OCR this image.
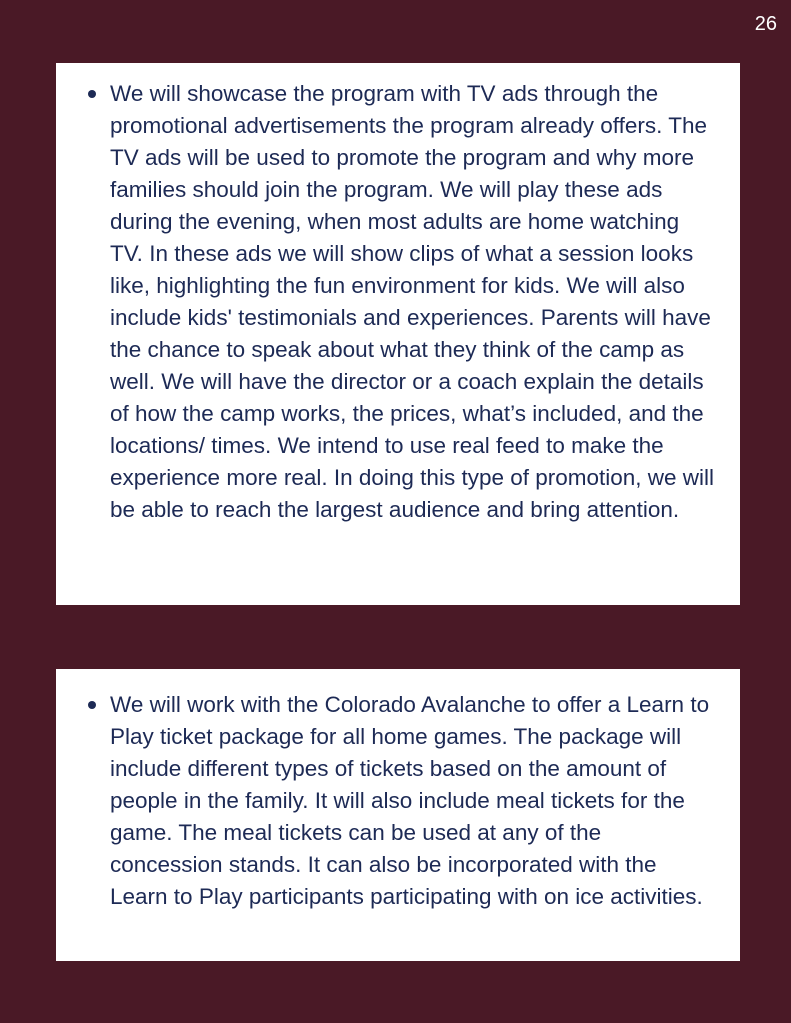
26
We will showcase the program with TV ads through the promotional advertisements the program already offers. The TV ads will be used to promote the program and why more families should join the program. We will play these ads during the evening, when most adults are home watching TV. In these ads we will show clips of what a session looks like, highlighting the fun environment for kids. We will also include kids' testimonials and experiences. Parents will have the chance to speak about what they think of the camp as well. We will have the director or a coach explain the details of how the camp works, the prices, what’s included, and the locations/ times. We intend to use real feed to make the experience more real. In doing this type of promotion, we will be able to reach the largest audience and bring attention.
We will work with the Colorado Avalanche to offer a Learn to Play ticket package for all home games. The package will include different types of tickets based on the amount of people in the family. It will also include meal tickets for the game. The meal tickets can be used at any of the concession stands. It can also be incorporated with the Learn to Play participants participating with on ice activities.
